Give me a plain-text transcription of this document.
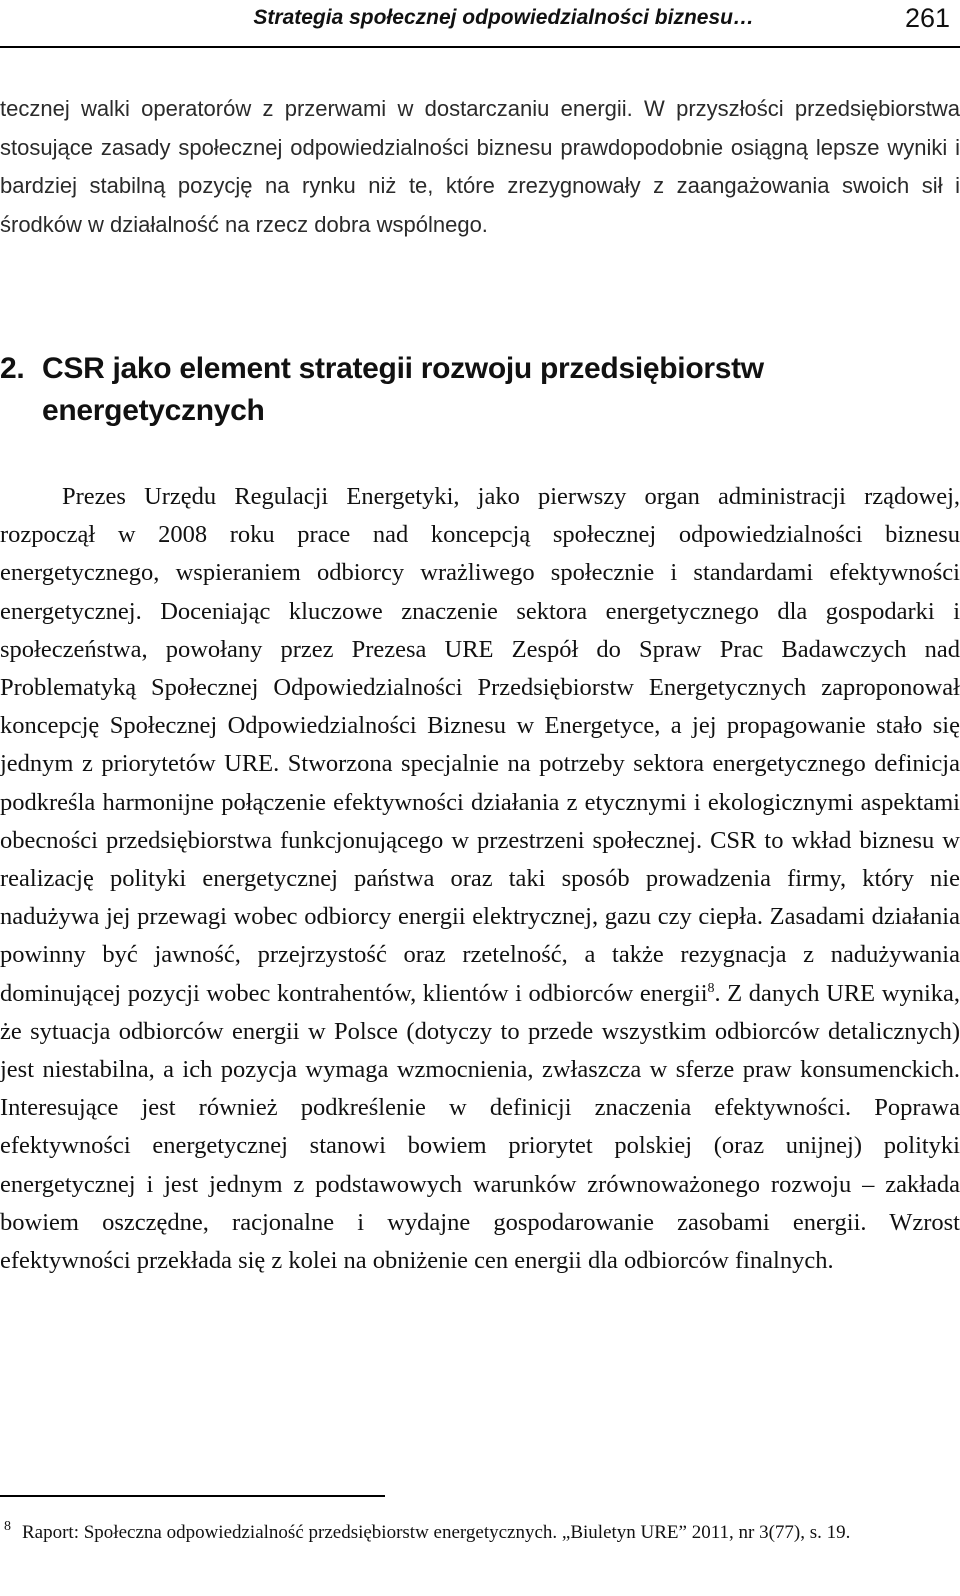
Strategia społecznej odpowiedzialności biznesu…	261

tecznej walki operatorów z przerwami w dostarczaniu energii. W przyszłości przedsiębiorstwa stosujące zasady społecznej odpowiedzialności biznesu prawdopodobnie osiągną lepsze wyniki i bardziej stabilną pozycję na rynku niż te, które zrezygnowały z zaangażowania swoich sił i środków w działalność na rzecz dobra wspólnego.

2. CSR jako element strategii rozwoju przedsiębiorstw
energetycznych

Prezes Urzędu Regulacji Energetyki, jako pierwszy organ administracji rządowej, rozpoczął w 2008 roku prace nad koncepcją społecznej odpowiedzialności biznesu energetycznego, wspieraniem odbiorcy wrażliwego społecznie i standardami efektywności energetycznej. Doceniając kluczowe znaczenie sektora energetycznego dla gospodarki i społeczeństwa, powołany przez Prezesa URE Zespół do Spraw Prac Badawczych nad Problematyką Społecznej Odpowiedzialności Przedsiębiorstw Energetycznych zaproponował koncepcję Społecznej Odpowiedzialności Biznesu w Energetyce, a jej propagowanie stało się jednym z priorytetów URE. Stworzona specjalnie na potrzeby sektora energetycznego definicja podkreśla harmonijne połączenie efektywności działania z etycznymi i ekologicznymi aspektami obecności przedsiębiorstwa funkcjonującego w przestrzeni społecznej. CSR to wkład biznesu w realizację polityki energetycznej państwa oraz taki sposób prowadzenia firmy, który nie nadużywa jej przewagi wobec odbiorcy energii elektrycznej, gazu czy ciepła. Zasadami działania powinny być jawność, przejrzystość oraz rzetelność, a także rezygnacja z nadużywania dominującej pozycji wobec kontrahentów, klientów i odbiorców energii$^8$. Z danych URE wynika, że sytuacja odbiorców energii w Polsce (dotyczy to przede wszystkim odbiorców detalicznych) jest niestabilna, a ich pozycja wymaga wzmocnienia, zwłaszcza w sferze praw konsumenckich. Interesujące jest również podkreślenie w definicji znaczenia efektywności. Poprawa efektywności energetycznej stanowi bowiem priorytet polskiej (oraz unijnej) polityki energetycznej i jest jednym z podstawowych warunków zrównoważonego rozwoju – zakłada bowiem oszczędne, racjonalne i wydajne gospodarowanie zasobami energii. Wzrost efektywności przekłada się z kolei na obniżenie cen energii dla odbiorców finalnych.

8 Raport: Społeczna odpowiedzialność przedsiębiorstw energetycznych. „Biuletyn URE” 2011, nr 3(77), s. 19.
